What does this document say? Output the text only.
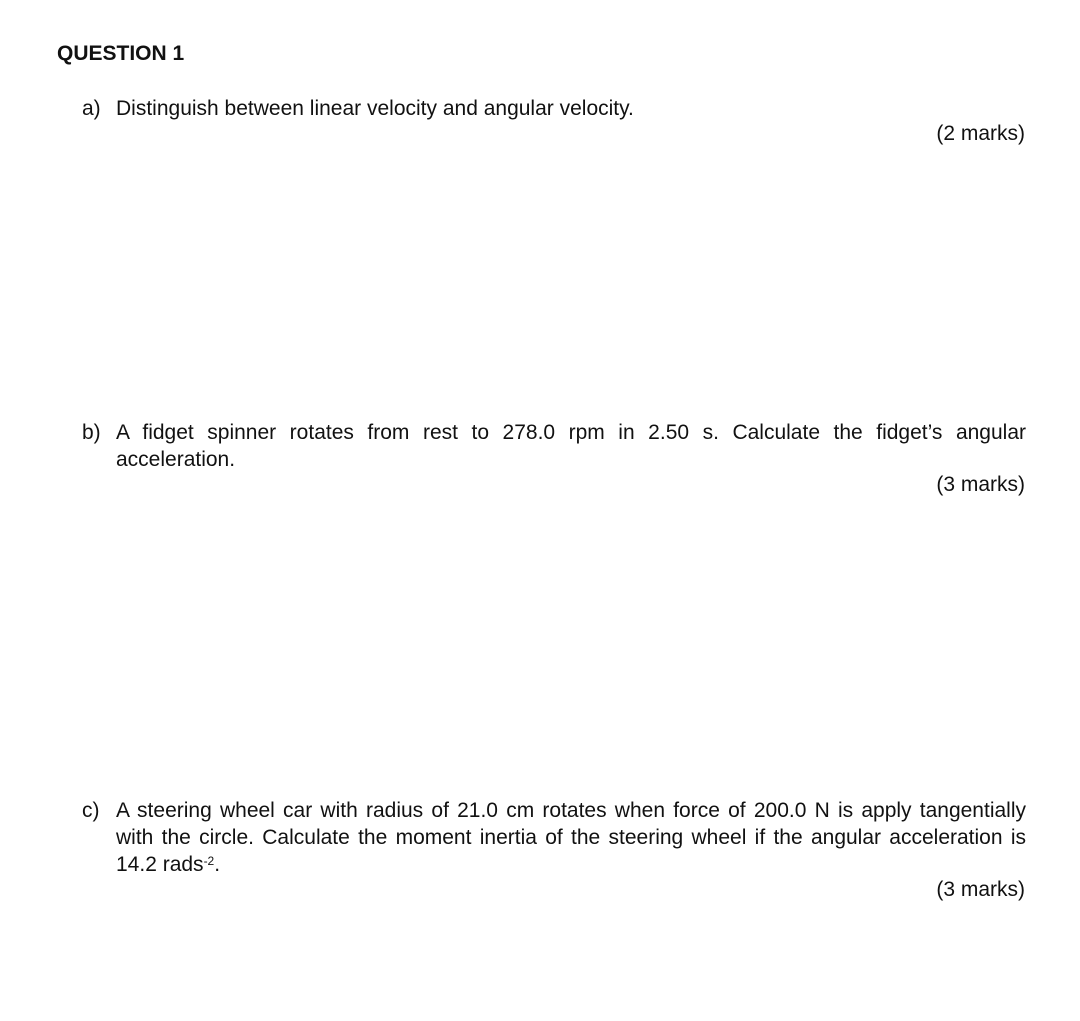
QUESTION 1
a) Distinguish between linear velocity and angular velocity.
(2 marks)
b) A fidget spinner rotates from rest to 278.0 rpm in 2.50 s. Calculate the fidget’s angular acceleration.
(3 marks)
c) A steering wheel car with radius of 21.0 cm rotates when force of 200.0 N is apply tangentially with the circle. Calculate the moment inertia of the steering wheel if the angular acceleration is 14.2 rads$^{-2}$.
(3 marks)
